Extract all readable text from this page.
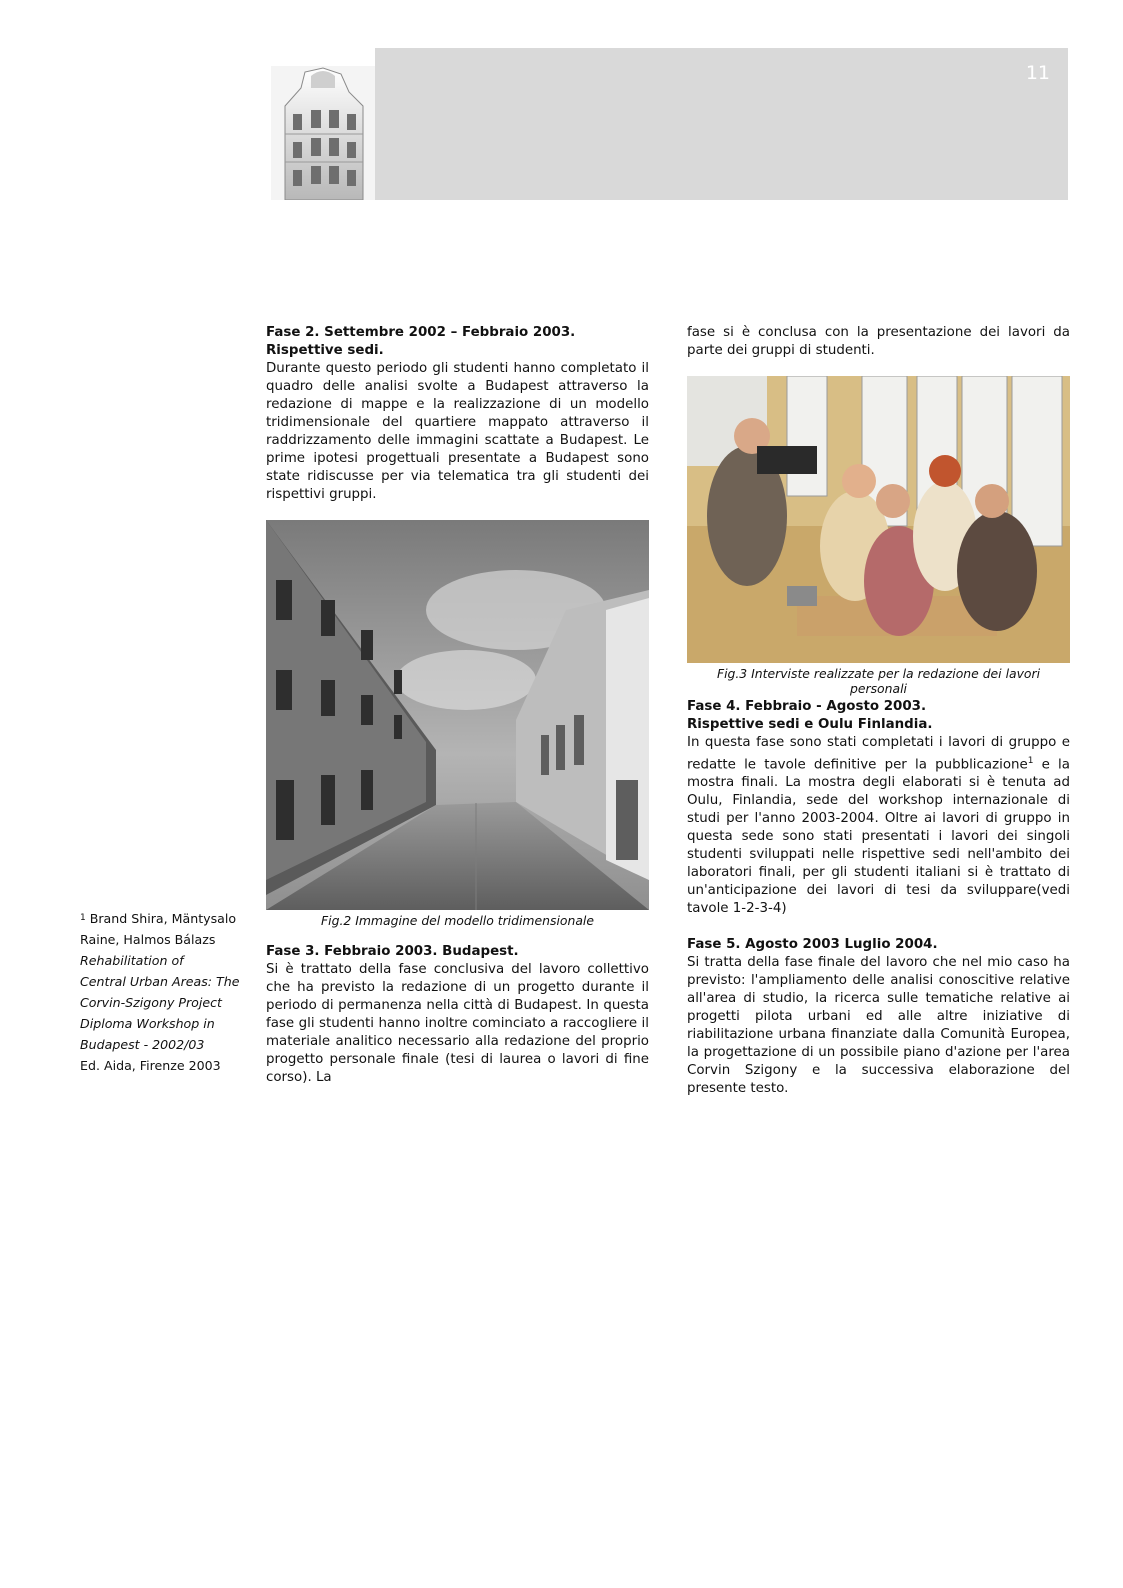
11

Fase 2. Settembre 2002 – Febbraio 2003.

Rispettive sedi.

Durante questo periodo gli studenti hanno completato il quadro delle analisi svolte a Budapest attraverso la redazione di mappe e la realizzazione di un modello tridimensionale del quartiere mappato attraverso il raddrizzamento delle immagini scattate a Budapest. Le prime ipotesi progettuali presentate a Budapest sono state ridiscusse per via telematica tra gli studenti dei rispettivi gruppi.

Fig.2 Immagine del modello tridimensionale

Fase 3. Febbraio 2003. Budapest.

Si è trattato della fase conclusiva del lavoro collettivo che ha previsto la redazione di un progetto durante il periodo di permanenza nella città di Budapest. In questa fase gli studenti hanno inoltre cominciato a raccogliere il materiale analitico necessario alla redazione del proprio progetto personale finale (tesi di laurea o lavori di fine corso). La

fase si è conclusa con la presentazione dei lavori da parte dei gruppi di studenti.

Fig.3 Interviste realizzate per la redazione dei lavori personali

Fase 4. Febbraio - Agosto 2003.

Rispettive sedi e Oulu Finlandia.

In questa fase sono stati completati i lavori di gruppo e redatte le tavole definitive per la pubblicazione$^1$ e la mostra finali. La mostra degli elaborati si è tenuta ad Oulu, Finlandia, sede del workshop internazionale di studi per l'anno 2003-2004. Oltre ai lavori di gruppo in questa sede sono stati presentati i lavori dei singoli studenti sviluppati nelle rispettive sedi nell'ambito dei laboratori finali, per gli studenti italiani si è trattato di un'anticipazione dei lavori di tesi da sviluppare(vedi tavole 1-2-3-4)

Fase 5. Agosto 2003 Luglio 2004.

Si tratta della fase finale del lavoro che nel mio caso ha previsto: l'ampliamento delle analisi conoscitive relative all'area di studio, la ricerca sulle tematiche relative ai progetti pilota urbani ed alle altre iniziative di riabilitazione urbana finanziate dalla Comunità Europea, la progettazione di un possibile piano d'azione per l'area Corvin Szigony e la successiva elaborazione del presente testo.

$^1$ Brand Shira, Mäntysalo
Raine, Halmos Bálazs
Rehabilitation of
Central Urban Areas: The
Corvin-Szigony Project
Diploma Workshop in
Budapest - 2002/03
Ed. Aida, Firenze 2003
